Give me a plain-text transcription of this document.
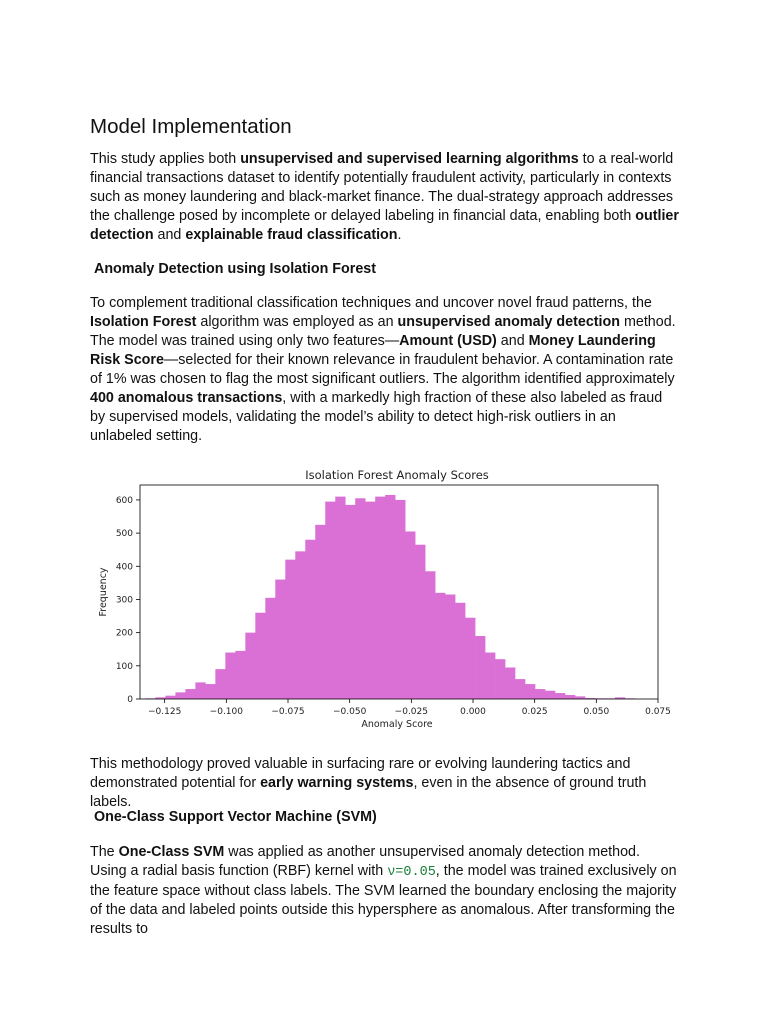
Model Implementation

This study applies both unsupervised and supervised learning algorithms to a real-world financial transactions dataset to identify potentially fraudulent activity, particularly in contexts such as money laundering and black-market finance. The dual-strategy approach addresses the challenge posed by incomplete or delayed labeling in financial data, enabling both outlier detection and explainable fraud classification.

Anomaly Detection using Isolation Forest

To complement traditional classification techniques and uncover novel fraud patterns, the Isolation Forest algorithm was employed as an unsupervised anomaly detection method. The model was trained using only two features—Amount (USD) and Money Laundering Risk Score—selected for their known relevance in fraudulent behavior. A contamination rate of 1% was chosen to flag the most significant outliers. The algorithm identified approximately 400 anomalous transactions, with a markedly high fraction of these also labeled as fraud by supervised models, validating the model’s ability to detect high-risk outliers in an unlabeled setting.

This methodology proved valuable in surfacing rare or evolving laundering tactics and demonstrated potential for early warning systems, even in the absence of ground truth labels.

One-Class Support Vector Machine (SVM)

The One-Class SVM was applied as another unsupervised anomaly detection method. Using a radial basis function (RBF) kernel with ν=0.05, the model was trained exclusively on the feature space without class labels. The SVM learned the boundary enclosing the majority of the data and labeled points outside this hypersphere as anomalous. After transforming the results to

Isolation Forest Anomaly Scores
−0.125	−0.100	−0.075	−0.050	−0.025	0.000	0.025	0.050	0.075
0
100
200
300
400
500
600
Anomaly Score
Frequency
